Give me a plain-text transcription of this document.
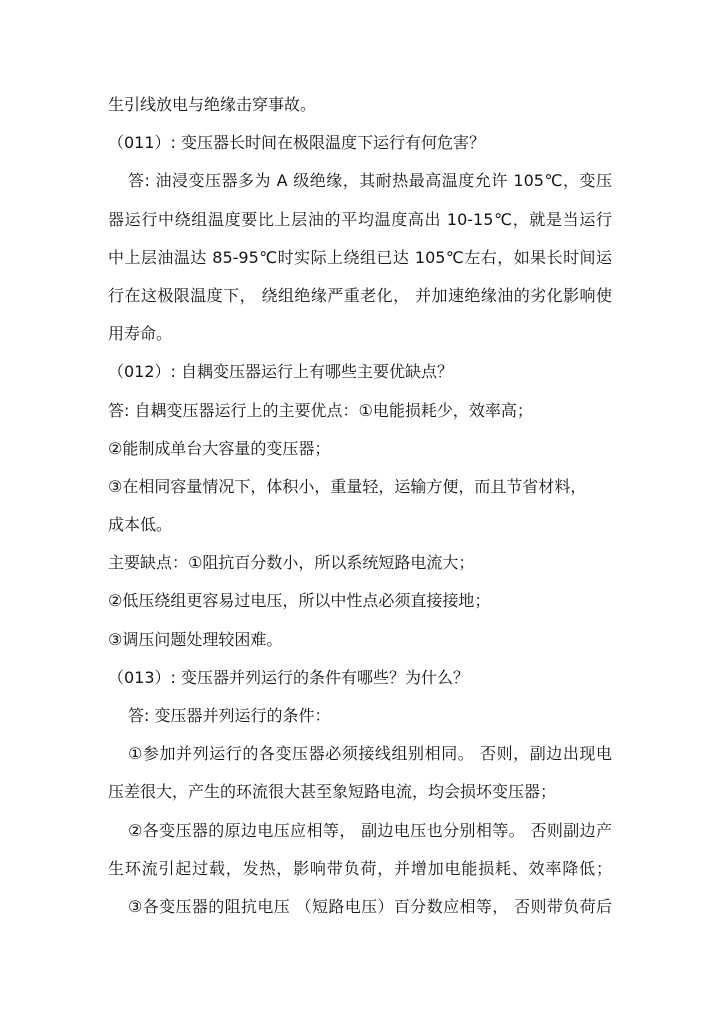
生引线放电与绝缘击穿事故。
（011）: 变压器长时间在极限温度下运行有何危害？
答: 油浸变压器多为 A 级绝缘，其耐热最高温度允许 105℃，变压
器运行中绕组温度要比上层油的平均温度高出 10-15℃，就是当运行
中上层油温达 85-95℃时实际上绕组已达 105℃左右，如果长时间运
行在这极限温度下， 绕组绝缘严重老化， 并加速绝缘油的劣化影响使
用寿命。
（012）: 自耦变压器运行上有哪些主要优缺点？
答: 自耦变压器运行上的主要优点：①电能损耗少，效率高；
②能制成单台大容量的变压器；
③在相同容量情况下，体积小，重量轻，运输方便，而且节省材料，
成本低。
主要缺点：①阻抗百分数小，所以系统短路电流大；
②低压绕组更容易过电压，所以中性点必须直接接地；
③调压问题处理较困难。
（013）: 变压器并列运行的条件有哪些？为什么？
答: 变压器并列运行的条件：
①参加并列运行的各变压器必须接线组别相同。 否则，副边出现电
压差很大，产生的环流很大甚至象短路电流，均会损坏变压器；
②各变压器的原边电压应相等， 副边电压也分别相等。 否则副边产
生环流引起过载，发热，影响带负荷，并增加电能损耗、效率降低；
③各变压器的阻抗电压 （短路电压）百分数应相等， 否则带负荷后
